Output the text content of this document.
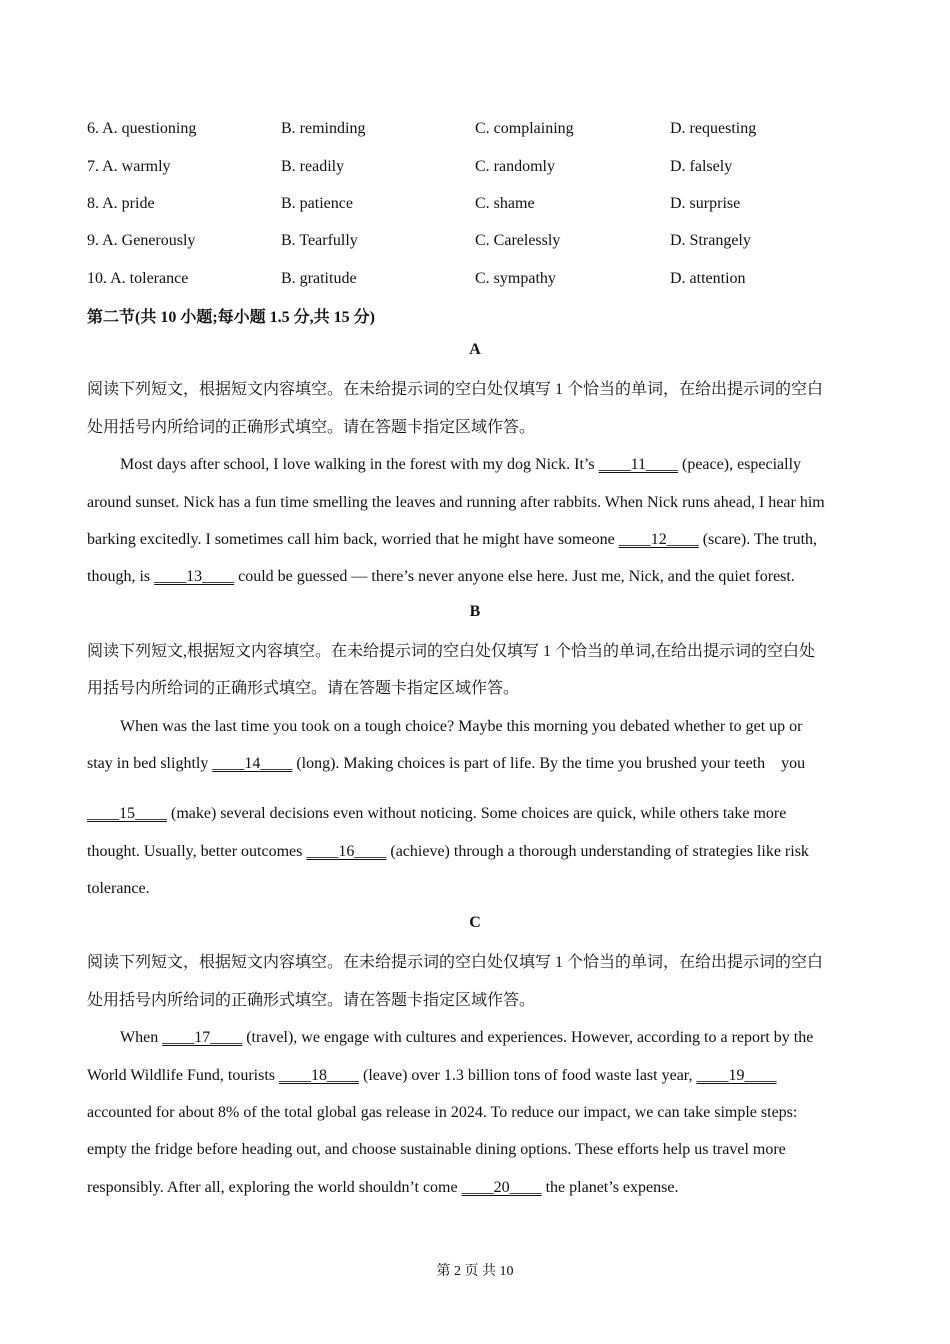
6. A. questioning	B. reminding	C. complaining	D. requesting
7. A. warmly	B. readily	C. randomly	D. falsely
8. A. pride	B. patience	C. shame	D. surprise
9. A. Generously	B. Tearfully	C. Carelessly	D. Strangely
10. A. tolerance	B. gratitude	C. sympathy	D. attention
第二节(共 10 小题;每小题 1.5 分,共 15 分)
A
阅读下列短文，根据短文内容填空。在未给提示词的空白处仅填写 1 个恰当的单词，在给出提示词的空白
处用括号内所给词的正确形式填空。请在答题卡指定区域作答。
Most days after school, I love walking in the forest with my dog Nick. It’s ____11____ (peace), especially
around sunset. Nick has a fun time smelling the leaves and running after rabbits. When Nick runs ahead, I hear him
barking excitedly. I sometimes call him back, worried that he might have someone ____12____ (scare). The truth,
though, is ____13____ could be guessed — there’s never anyone else here. Just me, Nick, and the quiet forest.
B
阅读下列短文,根据短文内容填空。在未给提示词的空白处仅填写 1 个恰当的单词,在给出提示词的空白处
用括号内所给词的正确形式填空。请在答题卡指定区域作答。
When was the last time you took on a tough choice? Maybe this morning you debated whether to get up or
stay in bed slightly ____14____ (long). Making choices is part of life. By the time you brushed your teeth    you
____15____ (make) several decisions even without noticing. Some choices are quick, while others take more
thought. Usually, better outcomes ____16____ (achieve) through a thorough understanding of strategies like risk
tolerance.
C
阅读下列短文，根据短文内容填空。在未给提示词的空白处仅填写 1 个恰当的单词，在给出提示词的空白
处用括号内所给词的正确形式填空。请在答题卡指定区域作答。
When ____17____ (travel), we engage with cultures and experiences. However, according to a report by the
World Wildlife Fund, tourists ____18____ (leave) over 1.3 billion tons of food waste last year, ____19____
accounted for about 8% of the total global gas release in 2024. To reduce our impact, we can take simple steps:
empty the fridge before heading out, and choose sustainable dining options. These efforts help us travel more
responsibly. After all, exploring the world shouldn’t come ____20____ the planet’s expense.
第 2 页 共 10
